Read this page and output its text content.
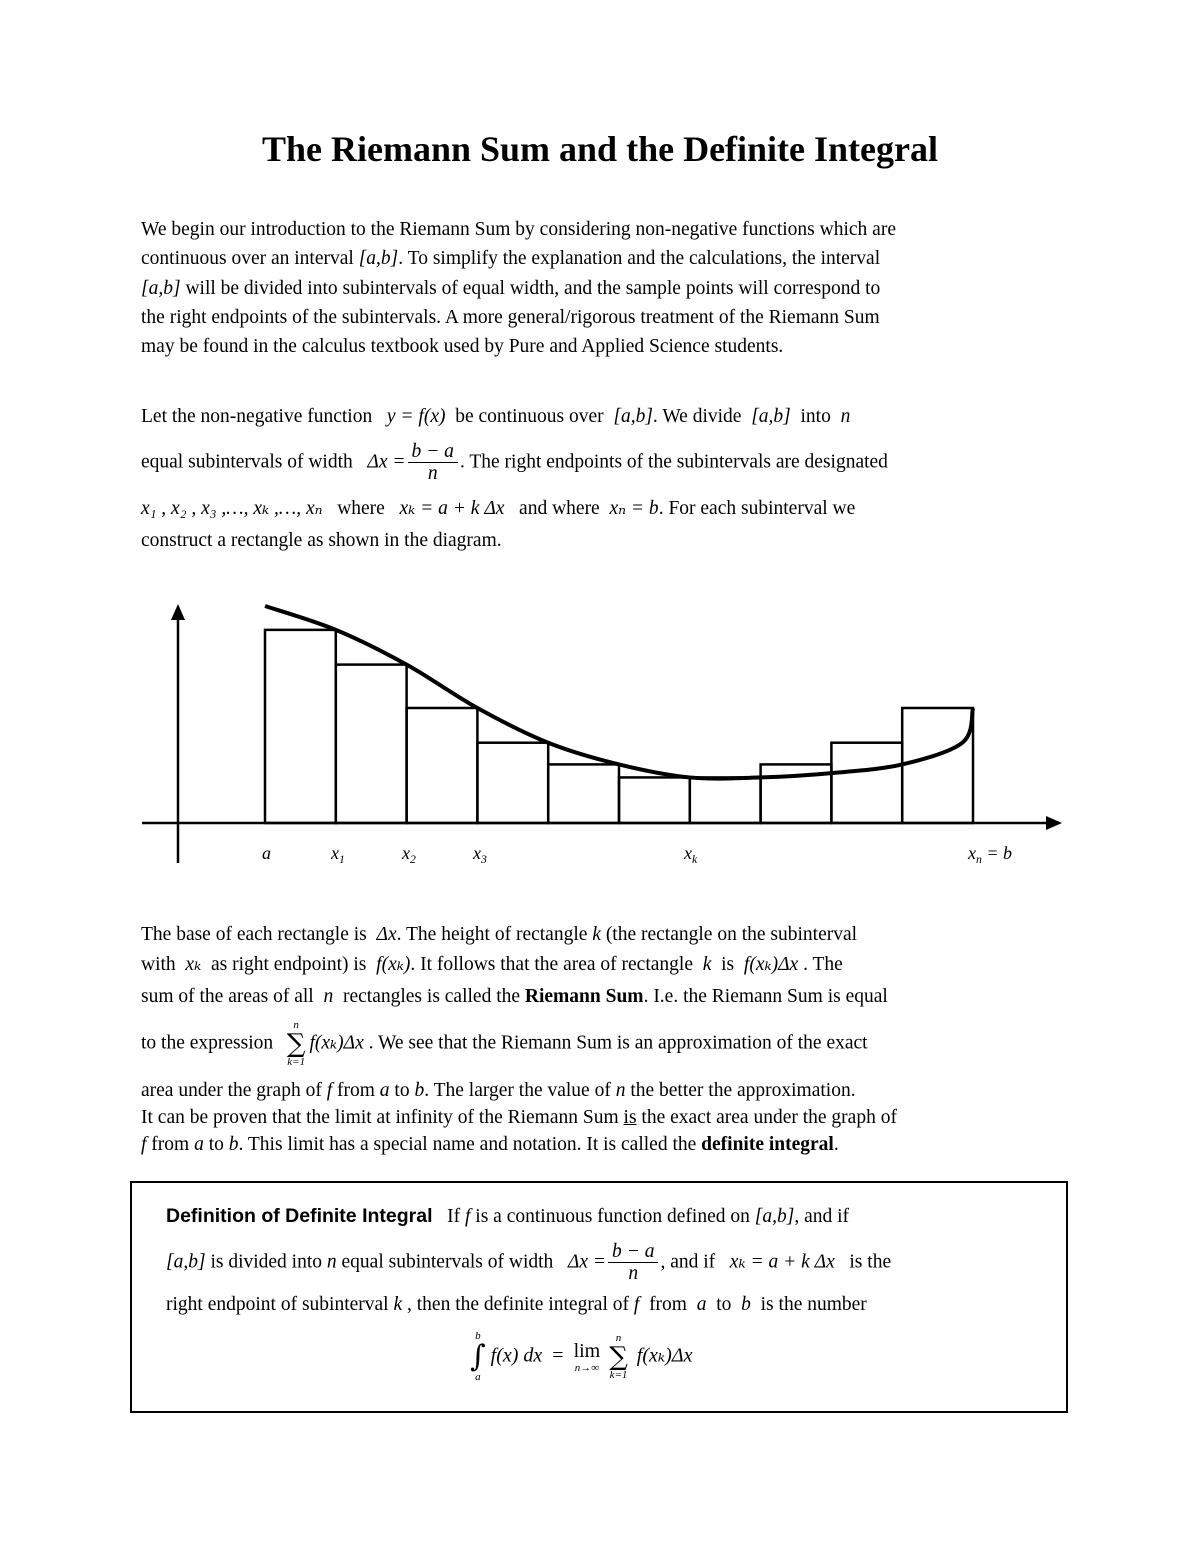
The Riemann Sum and the Definite Integral
We begin our introduction to the Riemann Sum by considering non-negative functions which are
continuous over an interval [a,b]. To simplify the explanation and the calculations, the interval
[a,b] will be divided into subintervals of equal width, and the sample points will correspond to
the right endpoints of the subintervals. A more general/rigorous treatment of the Riemann Sum
may be found in the calculus textbook used by Pure and Applied Science students.
Let the non-negative function y = f(x) be continuous over [a,b]. We divide [a,b] into n
equal subintervals of width $\Delta x = \frac{b - a}{n}$ . The right endpoints of the subintervals are designated
x₁ , x₂ , x₃ ,…, xₖ ,…, xₙ where xₖ = a + k Δx and where xₙ = b. For each subinterval we
construct a rectangle as shown in the diagram.
a	$x_1$	$x_2$	$x_3$	$x_k$	$x_n = b$
The base of each rectangle is Δx. The height of rectangle k (the rectangle on the subinterval
with xₖ as right endpoint) is f(xₖ). It follows that the area of rectangle k is f(xₖ)Δx . The
sum of the areas of all n rectangles is called the Riemann Sum. I.e. the Riemann Sum is equal
to the expression
n
∑
k=1
f(xₖ)Δx . We see that the Riemann Sum is an approximation of the exact
area under the graph of f from a to b. The larger the value of n the better the approximation.
It can be proven that the limit at infinity of the Riemann Sum is the exact area under the graph of
f from a to b. This limit has a special name and notation. It is called the definite integral.
Definition of Definite Integral If f is a continuous function defined on [a,b], and if
[a,b] is divided into n equal subintervals of width $\Delta x = \frac{b - a}{n}$ , and if xₖ = a + k Δx is the
right endpoint of subinterval k , then the definite integral of f from a to b is the number
b
∫
a
f(x) dx = lim
n→∞

n
∑
k=1
f(xₖ)Δx
